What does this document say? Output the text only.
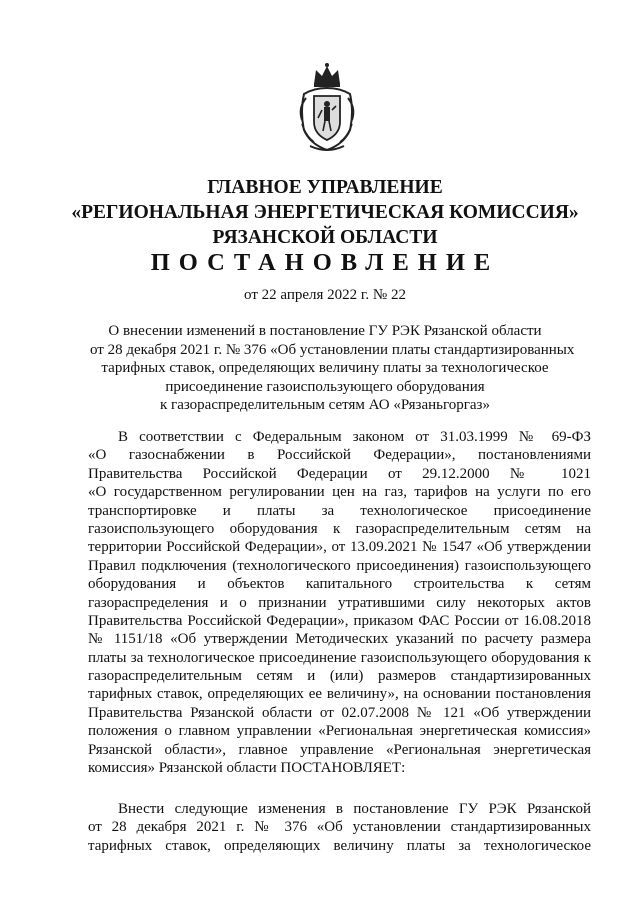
ГЛАВНОЕ УПРАВЛЕНИЕ
«РЕГИОНАЛЬНАЯ ЭНЕРГЕТИЧЕСКАЯ КОМИССИЯ»
РЯЗАНСКОЙ ОБЛАСТИ
ПОСТАНОВЛЕНИЕ
от 22 апреля 2022 г. № 22
О внесении изменений в постановление ГУ РЭК Рязанской области
от 28 декабря 2021 г. № 376 «Об установлении платы стандартизированных
тарифных ставок, определяющих величину платы за технологическое
присоединение газоиспользующего оборудования
к газораспределительным сетям АО «Рязаньгоргаз»
В соответствии с Федеральным законом от 31.03.1999 № 69-ФЗ
«О газоснабжении в Российской Федерации», постановлениями
Правительства Российской Федерации от 29.12.2000 № 1021
«О государственном регулировании цен на газ, тарифов на услуги по его
транспортировке и платы за технологическое присоединение
газоиспользующего оборудования к газораспределительным сетям на
территории Российской Федерации», от 13.09.2021 № 1547 «Об утверждении
Правил подключения (технологического присоединения) газоиспользующего
оборудования и объектов капитального строительства к сетям
газораспределения и о признании утратившими силу некоторых актов
Правительства Российской Федерации», приказом ФАС России от 16.08.2018
№ 1151/18 «Об утверждении Методических указаний по расчету размера
платы за технологическое присоединение газоиспользующего оборудования к
газораспределительным сетям и (или) размеров стандартизированных
тарифных ставок, определяющих ее величину», на основании постановления
Правительства Рязанской области от 02.07.2008 № 121 «Об утверждении
положения о главном управлении «Региональная энергетическая комиссия»
Рязанской области», главное управление «Региональная энергетическая
комиссия» Рязанской области ПОСТАНОВЛЯЕТ:
Внести следующие изменения в постановление ГУ РЭК Рязанской
от 28 декабря 2021 г. № 376 «Об установлении стандартизированных
тарифных ставок, определяющих величину платы за технологическое
